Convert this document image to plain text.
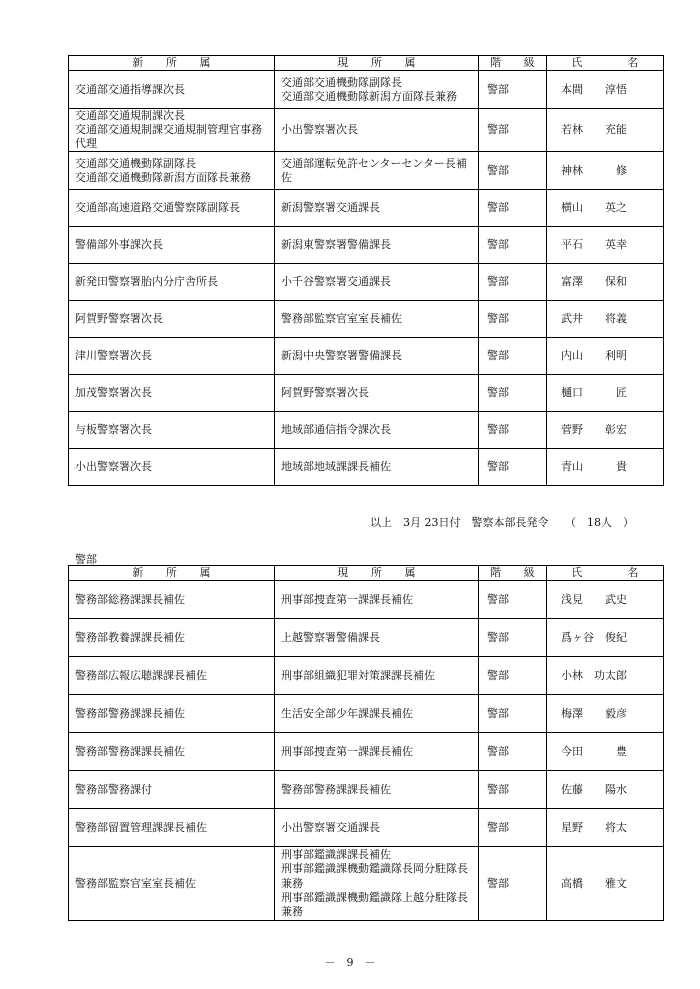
新　　所　　属	現　　所　　属	階　　級	氏　　　　名

交通部交通指導課次長	交通部交通機動隊副隊長
交通部交通機動隊新潟方面隊長兼務	警部	本間　　淳悟

交通部交通規制課次長
交通部交通規制課交通規制管理官事務
代理	小出警察署次長	警部	若林　　充能

交通部交通機動隊副隊長
交通部交通機動隊新潟方面隊長兼務	交通部運転免許センターセンター長補
佐	警部	神林　　　修

交通部高速道路交通警察隊副隊長	新潟警察署交通課長	警部	横山　　英之

警備部外事課次長	新潟東警察署警備課長	警部	平石　　英幸

新発田警察署胎内分庁舎所長	小千谷警察署交通課長	警部	富澤　　保和

阿賀野警察署次長	警務部監察官室室長補佐	警部	武井　　将義

津川警察署次長	新潟中央警察署警備課長	警部	内山　　利明

加茂警察署次長	阿賀野警察署次長	警部	樋口　　　匠

与板警察署次長	地域部通信指令課次長	警部	菅野　　彰宏

小出警察署次長	地域部地域課課長補佐	警部	青山　　　貴
以上　3月 23日付　警察本部長発令　　（　18人　）
警部
新　　所　　属	現　　所　　属	階　　級	氏　　　　名

警務部総務課課長補佐	刑事部捜査第一課課長補佐	警部	浅見　　武史

警務部教養課課長補佐	上越警察署警備課長	警部	爲ヶ谷　俊紀

警務部広報広聴課課長補佐	刑事部組織犯罪対策課課長補佐	警部	小林　功太郎

警務部警務課課長補佐	生活安全部少年課課長補佐	警部	梅澤　　毅彦

警務部警務課課長補佐	刑事部捜査第一課課長補佐	警部	今田　　　豊

警務部警務課付	警務部警務課課長補佐	警部	佐藤　　陽水

警務部留置管理課課長補佐	小出警察署交通課長	警部	星野　　将太

警務部監察官室室長補佐	刑事部鑑識課課長補佐
刑事部鑑識課機動鑑識隊長岡分駐隊長
兼務
刑事部鑑識課機動鑑識隊上越分駐隊長
兼務	警部	高橋　　雅文
－　9　－
